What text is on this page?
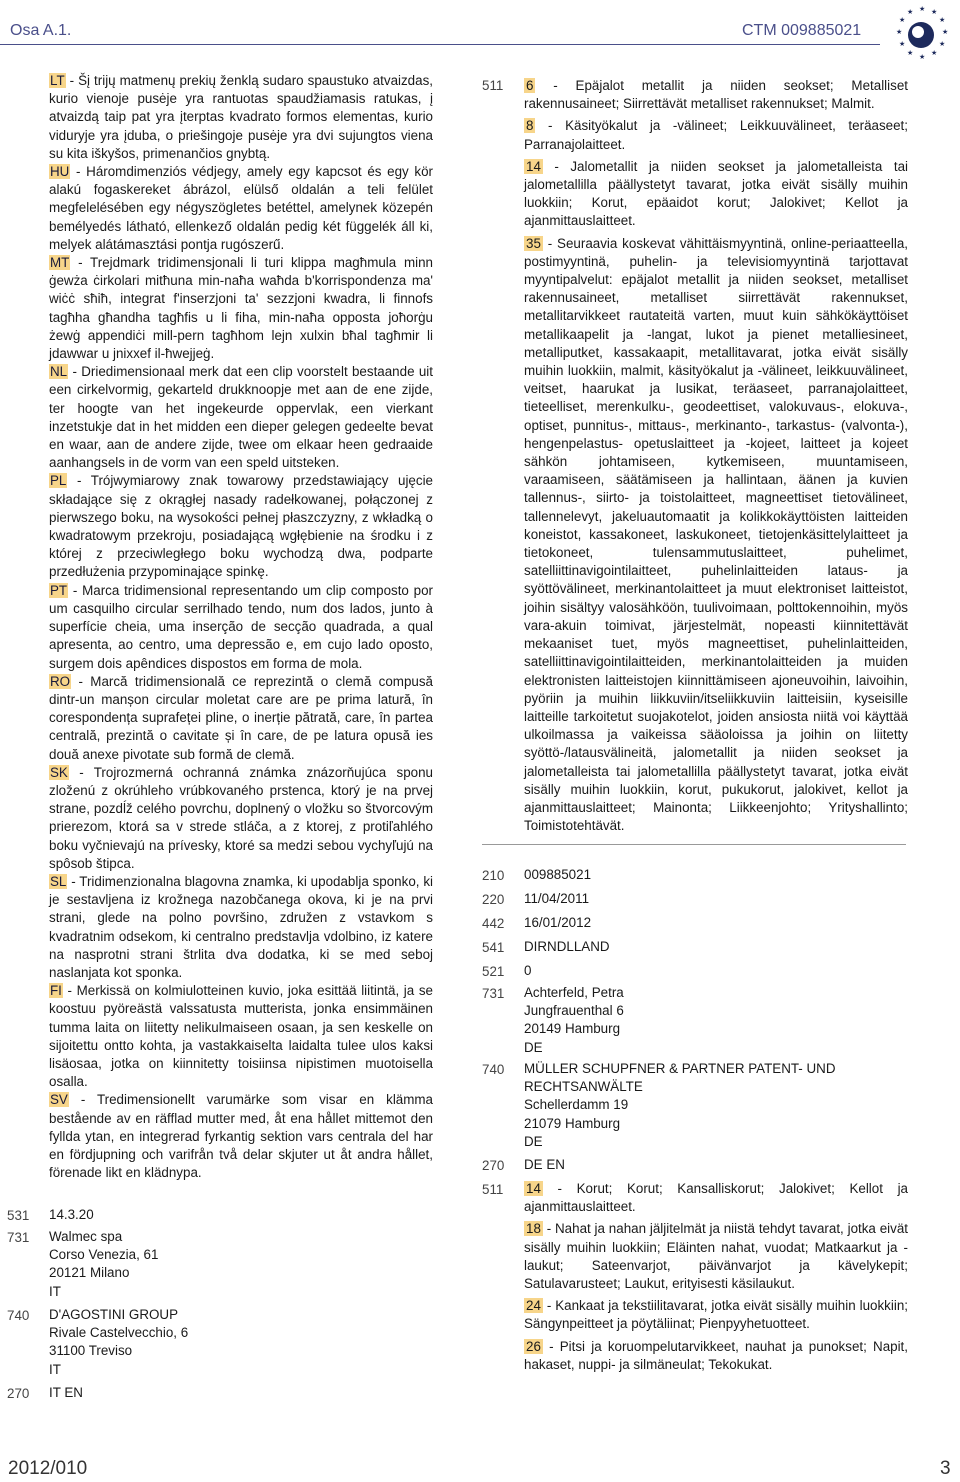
Osa A.1.	CTM 009885021
★ ★
★
★
★
★
★
★
★
★
★
★

LT - Šį trijų matmenų prekių ženklą sudaro spaustuko atvaizdas, kurio vienoje pusėje yra rantuotas spaudžiamasis ratukas, į atvaizdą taip pat yra įterptas kvadrato formos elementas, kurio viduryje yra įduba, o priešingoje pusėje yra dvi sujungtos viena su kita iškyšos, primenančios gnybtą.

HU - Háromdimenziós védjegy, amely egy kapcsot és egy kör alakú fogaskereket ábrázol, elülső oldalán a teli felület megfelelésében egy négyszögletes betéttel, amelynek közepén bemélyedés látható, ellenkező oldalán pedig két függelék áll ki, melyek alátámasztási pontja rugószerű.

MT - Trejdmark tridimensjonali li turi klippa magħmula minn ġewża ċirkolari mitħuna min-naħa waħda b'korrispondenza ma' wiċċ sħiħ, integrat f'inserzjoni ta' sezzjoni kwadra, li finnofs tagħha għandha tagħfis u li fiha, min-naħa opposta joħorġu żewġ appendiċi mill-pern tagħhom lejn xulxin bħal tagħmir li jdawwar u jnixxef il-ħwejjeġ.

NL - Driedimensionaal merk dat een clip voorstelt bestaande uit een cirkelvormig, gekarteld drukknoopje met aan de ene zijde, ter hoogte van het ingekeurde oppervlak, een vierkant inzetstukje dat in het midden een dieper gelegen gedeelte bevat en waar, aan de andere zijde, twee om elkaar heen gedraaide aanhangsels in de vorm van een speld uitsteken.

PL - Trójwymiarowy znak towarowy przedstawiający ujęcie składające się z okrągłej nasady radełkowanej, połączonej z pierwszego boku, na wysokości pełnej płaszczyzny, z wkładką o kwadratowym przekroju, posiadającą wgłębienie na środku i z której z przeciwległego boku wychodzą dwa, podparte przedłużenia przypominające spinkę.

PT - Marca tridimensional representando um clip composto por um casquilho circular serrilhado tendo, num dos lados, junto à superfície cheia, uma inserção de secção quadrada, a qual apresenta, ao centro, uma depressão e, em cujo lado oposto, surgem dois apêndices dispostos em forma de mola.

RO - Marcă tridimensională ce reprezintă o clemă compusă dintr-un manșon circular moletat care are pe prima latură, în corespondența suprafeței pline, o inerție pătrată, care, în partea centrală, prezintă o cavitate și în care, de pe latura opusă ies două anexe pivotate sub formă de clemă.

SK - Trojrozmerná ochranná známka znázorňujúca sponu zloženú z okrúhleho vrúbkovaného prstenca, ktorý je na prvej strane, pozdĺž celého povrchu, doplnený o vložku so štvorcovým prierezom, ktorá sa v strede stláča, a z ktorej, z protiľahlého boku vyčnievajú na prívesky, ktoré sa medzi sebou vychyľujú na spôsob štipca.

SL - Tridimenzionalna blagovna znamka, ki upodablja sponko, ki je sestavljena iz krožnega nazobčanega okova, ki je na prvi strani, glede na polno površino, združen z vstavkom s kvadratnim odsekom, ki centralno predstavlja vdolbino, iz katere na nasprotni strani štrlita dva dodatka, ki se med seboj naslanjata kot sponka.

FI - Merkissä on kolmiulotteinen kuvio, joka esittää liitintä, ja se koostuu pyöreästä valssatusta mutterista, jonka ensimmäinen tumma laita on liitetty nelikulmaiseen osaan, ja sen keskelle on sijoitettu ontto kohta, ja vastakkaiselta laidalta tulee ulos kaksi lisäosaa, jotka on kiinnitetty toisiinsa nipistimen muotoisella osalla.

SV - Tredimensionellt varumärke som visar en klämma bestående av en räfflad mutter med, åt ena hållet mittemot den fyllda ytan, en integrerad fyrkantig sektion vars centrala del har en fördjupning och varifrån två delar skjuter ut åt andra hållet, förenade likt en klädnypa.

531 14.3.20
731 Walmec spa
Corso Venezia, 61
20121 Milano
IT
740 D'AGOSTINI GROUP
Rivale Castelvecchio, 6
31100 Treviso
IT
270 IT EN
511 6 - Epäjalot metallit ja niiden seokset; Metalliset rakennusaineet; Siirrettävät metalliset rakennukset; Malmit.

8 - Käsityökalut ja -välineet; Leikkuuvälineet, teräaseet; Parranajolaitteet.

14 - Jalometallit ja niiden seokset ja jalometalleista tai jalometallilla päällystetyt tavarat, jotka eivät sisälly muihin luokkiin; Korut, epäaidot korut; Jalokivet; Kellot ja ajanmittauslaitteet.

35 - Seuraavia koskevat vähittäismyyntinä, online-periaatteella, postimyyntinä, puhelin- ja televisiomyyntinä tarjottavat myyntipalvelut: epäjalot metallit ja niiden seokset, metalliset rakennusaineet, metalliset siirrettävät rakennukset, metallitarvikkeet rautateitä varten, muut kuin sähkökäyttöiset metallikaapelit ja -langat, lukot ja pienet metalliesineet, metalliputket, kassakaapit, metallitavarat, jotka eivät sisälly muihin luokkiin, malmit, käsityökalut ja -välineet, leikkuuvälineet, veitset, haarukat ja lusikat, teräaseet, parranajolaitteet, tieteelliset, merenkulku-, geodeettiset, valokuvaus-, elokuva-, optiset, punnitus-, mittaus-, merkinanto-, tarkastus- (valvonta-), hengenpelastus- opetuslaitteet ja -kojeet, laitteet ja kojeet sähkön johtamiseen, kytkemiseen, muuntamiseen, varaamiseen, säätämiseen ja hallintaan, äänen ja kuvien tallennus-, siirto- ja toistolaitteet, magneettiset tietovälineet, tallennelevyt, jakeluautomaatit ja kolikkokäyttöisten laitteiden koneistot, kassakoneet, laskukoneet, tietojenkäsittelylaitteet ja tietokoneet, tulensammutuslaitteet, puhelimet, satelliittinavigointilaitteet, puhelinlaitteiden lataus- ja syöttövälineet, merkinantolaitteet ja muut elektroniset laitteistot, joihin sisältyy valosähköön, tuulivoimaan, polttokennoihin, myös vara-akuin toimivat, järjestelmät, nopeasti kiinnitettävät mekaaniset tuet, myös magneettiset, puhelinlaitteiden, satelliittinavigointilaitteiden, merkinantolaitteiden ja muiden elektronisten laitteistojen kiinnittämiseen ajoneuvoihin, laivoihin, pyöriin ja muihin liikkuviin/itseliikkuviin laitteisiin, kyseisille laitteille tarkoitetut suojakotelot, joiden ansiosta niitä voi käyttää ulkoilmassa ja vaikeissa sääoloissa ja joihin on liitetty syöttö-/latausvälineitä, jalometallit ja niiden seokset ja jalometalleista tai jalometallilla päällystetyt tavarat, jotka eivät sisälly muihin luokkiin, korut, pukukorut, jalokivet, kellot ja ajanmittauslaitteet; Mainonta; Liikkeenjohto; Yrityshallinto; Toimistotehtävät.

210 009885021
220 11/04/2011
442 16/01/2012
541 DIRNDLLAND
521 0
731 Achterfeld, Petra
Jungfrauenthal 6
20149 Hamburg
DE
740 MÜLLER SCHUPFNER & PARTNER PATENT- UND RECHTSANWÄLTE
Schellerdamm 19
21079 Hamburg
DE
270 DE EN
511 14 - Korut; Korut; Kansalliskorut; Jalokivet; Kellot ja ajanmittauslaitteet.

18 - Nahat ja nahan jäljitelmät ja niistä tehdyt tavarat, jotka eivät sisälly muihin luokkiin; Eläinten nahat, vuodat; Matkaarkut ja -laukut; Sateenvarjot, päivänvarjot ja kävelykepit; Satulavarusteet; Laukut, erityisesti käsilaukut.

24 - Kankaat ja tekstiilitavarat, jotka eivät sisälly muihin luokkiin; Sängynpeitteet ja pöytäliinat; Pienpyyhetuotteet.

26 - Pitsi ja koruompelutarvikkeet, nauhat ja punokset; Napit, hakaset, nuppi- ja silmäneulat; Tekokukat.

2012/010	3
